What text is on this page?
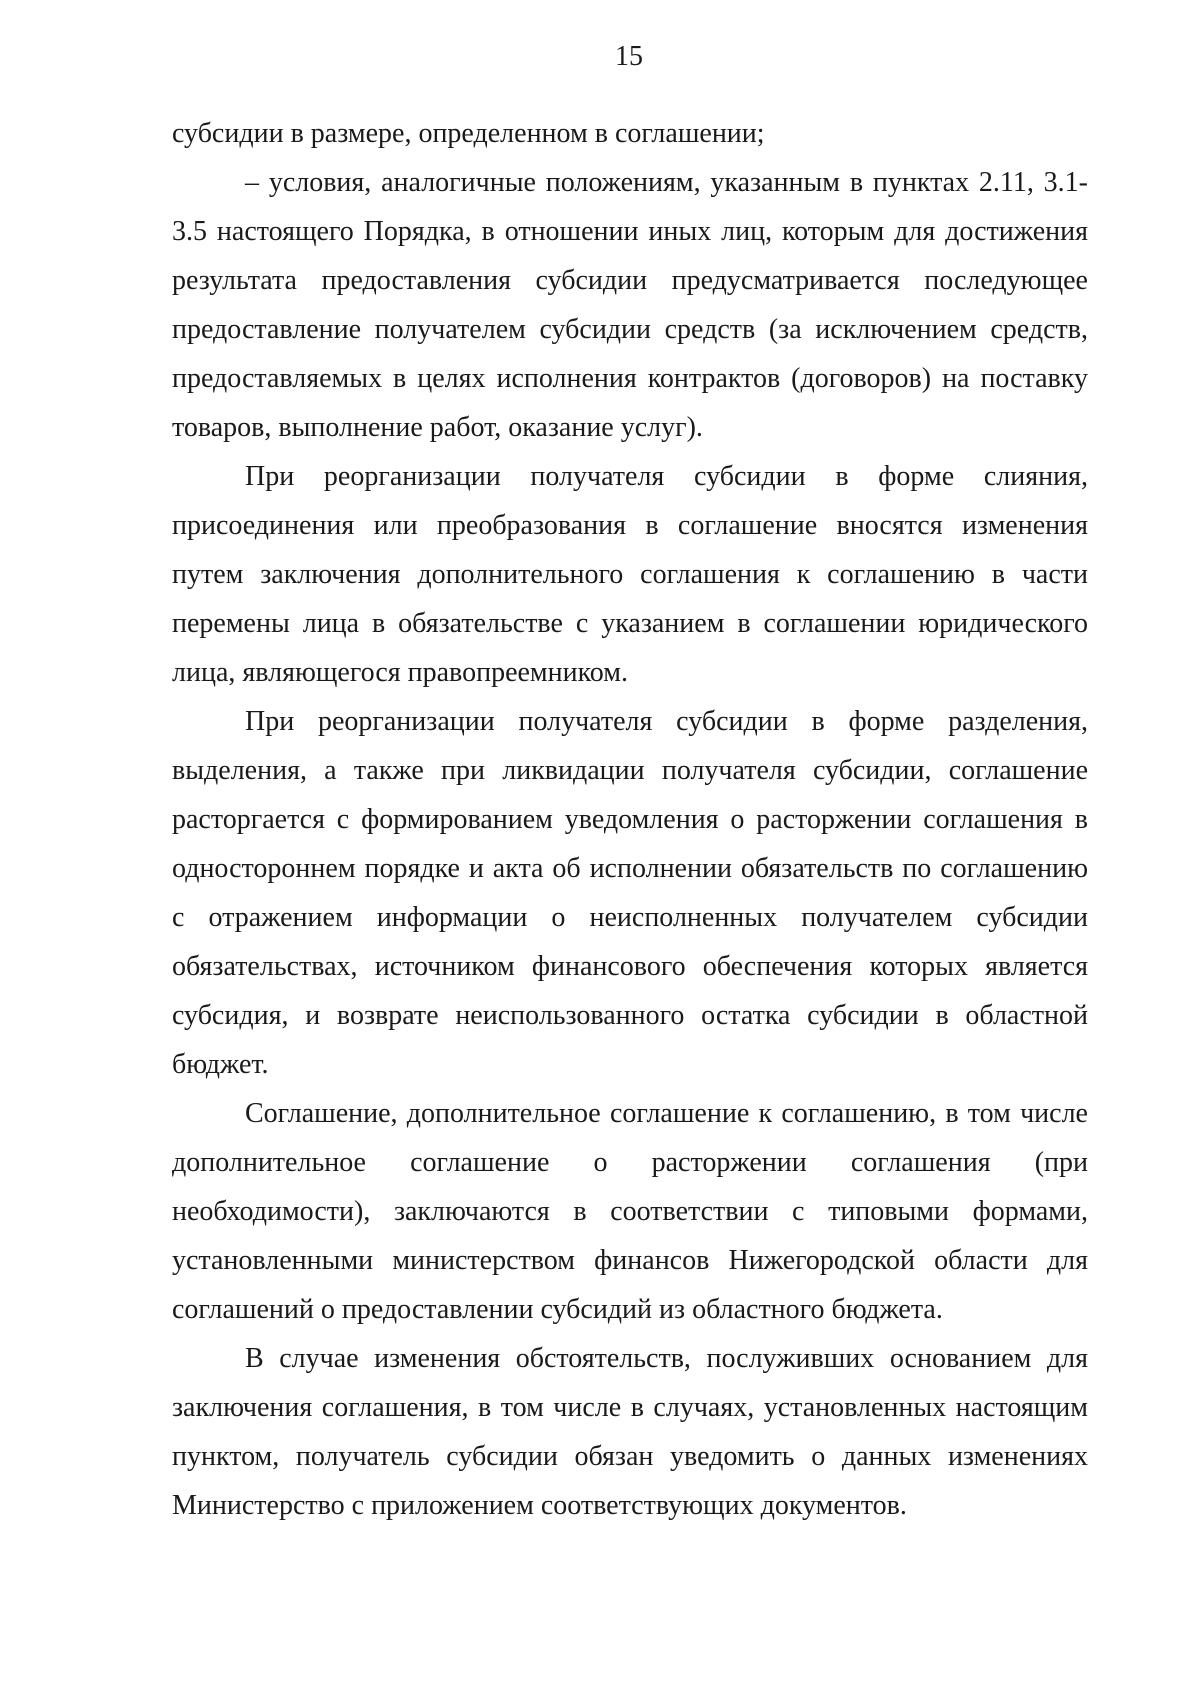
15

субсидии в размере, определенном в соглашении;

– условия, аналогичные положениям, указанным в пунктах 2.11, 3.1-3.5 настоящего Порядка, в отношении иных лиц, которым для достижения результата предоставления субсидии предусматривается последующее предоставление получателем субсидии средств (за исключением средств, предоставляемых в целях исполнения контрактов (договоров) на поставку товаров, выполнение работ, оказание услуг).

При реорганизации получателя субсидии в форме слияния, присоединения или преобразования в соглашение вносятся изменения путем заключения дополнительного соглашения к соглашению в части перемены лица в обязательстве с указанием в соглашении юридического лица, являющегося правопреемником.

При реорганизации получателя субсидии в форме разделения, выделения, а также при ликвидации получателя субсидии, соглашение расторгается с формированием уведомления о расторжении соглашения в одностороннем порядке и акта об исполнении обязательств по соглашению с отражением информации о неисполненных получателем субсидии обязательствах, источником финансового обеспечения которых является субсидия, и возврате неиспользованного остатка субсидии в областной бюджет.

Соглашение, дополнительное соглашение к соглашению, в том числе дополнительное соглашение о расторжении соглашения (при необходимости), заключаются в соответствии с типовыми формами, установленными министерством финансов Нижегородской области для соглашений о предоставлении субсидий из областного бюджета.

В случае изменения обстоятельств, послуживших основанием для заключения соглашения, в том числе в случаях, установленных настоящим пунктом, получатель субсидии обязан уведомить о данных изменениях Министерство с приложением соответствующих документов.
